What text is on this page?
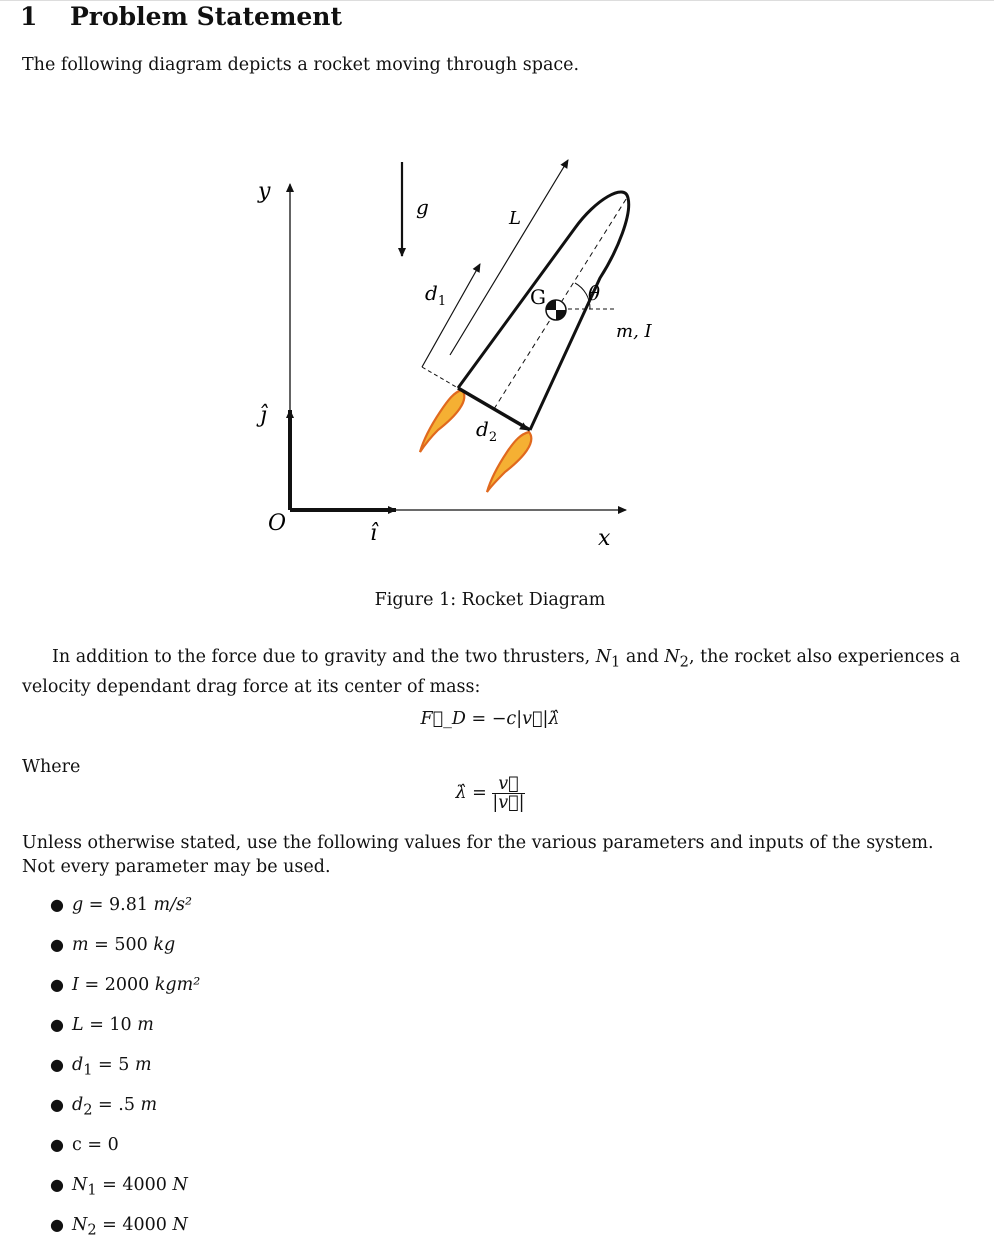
1 Problem Statement
The following diagram depicts a rocket moving through space.
y
x
O	î
ĵ
g	L
$d_1$
$d_2$
G θ
m, I
Figure 1: Rocket Diagram
In addition to the force due to gravity and the two thrusters, $N_1$ and $N_2$, the rocket also experiences a velocity dependant drag force at its center of mass:
F⃗_D = −c|v⃗|λ̂
Where
λ̂ = $\frac{v⃗}{|v⃗|}$
Unless otherwise stated, use the following values for the various parameters and inputs of the system. Not every parameter may be used.
● g = 9.81 m/s²
● m = 500 kg
● I = 2000 kgm²
● L = 10 m
● $d_1 = 5$ m
● $d_2 = .5$ m
● c = 0
● $N_1 = 4000$ N
● $N_2 = 4000$ N
